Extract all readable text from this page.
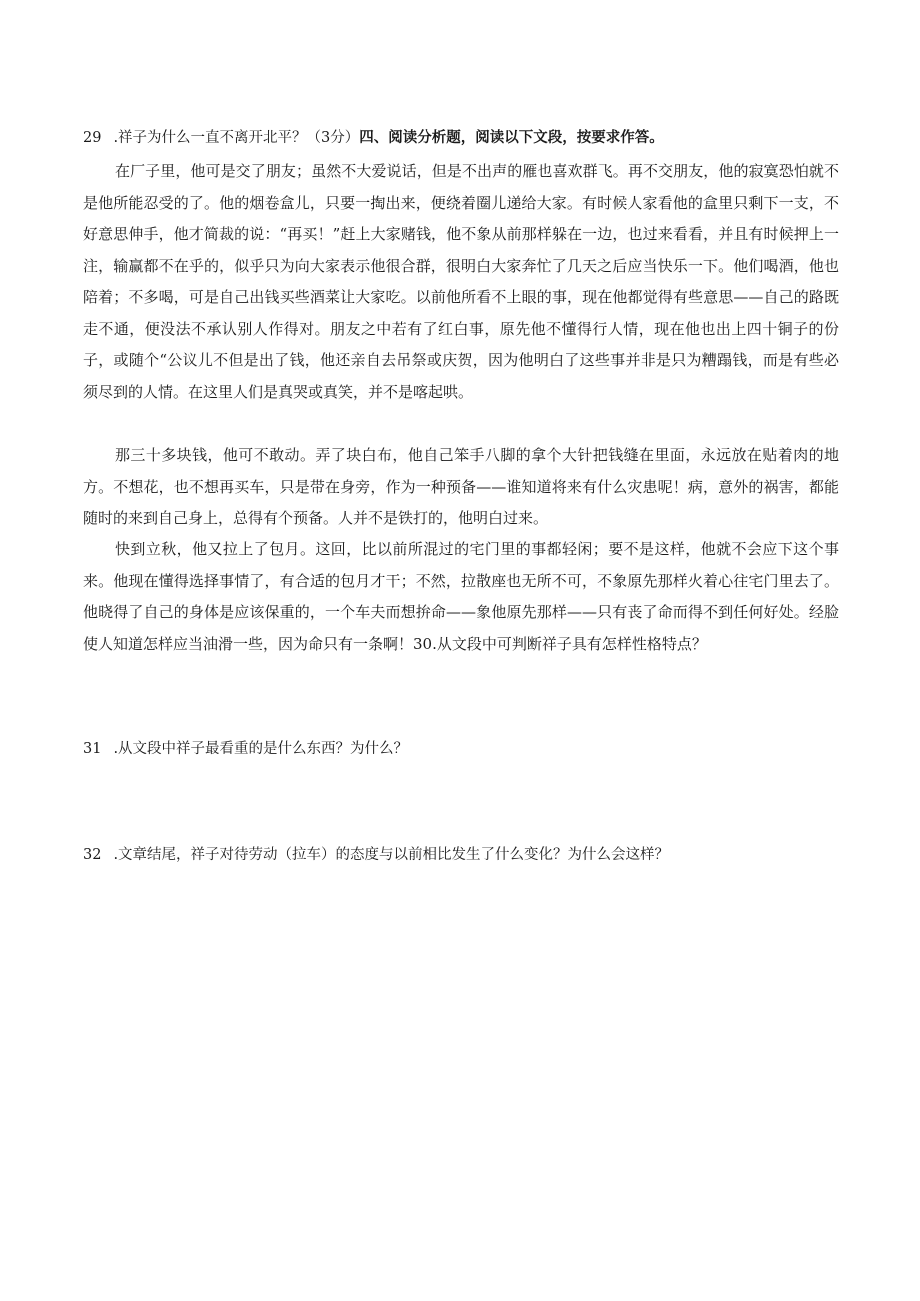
29 .祥子为什么一直不离开北平？（3分）四、阅读分析题，阅读以下文段，按要求作答。

在厂子里，他可是交了朋友；虽然不大爱说话，但是不出声的雁也喜欢群飞。再不交朋友，他的寂寞恐怕就不是他所能忍受的了。他的烟卷盒儿，只要一掏出来，便绕着圈儿递给大家。有时候人家看他的盒里只剩下一支，不好意思伸手，他才简裁的说：“再买！”赶上大家赌钱，他不象从前那样躲在一边，也过来看看，并且有时候押上一注，输赢都不在乎的，似乎只为向大家表示他很合群，很明白大家奔忙了几天之后应当快乐一下。他们喝酒，他也陪着；不多喝，可是自己出钱买些酒菜让大家吃。以前他所看不上眼的事，现在他都觉得有些意思——自己的路既走不通，便没法不承认别人作得对。朋友之中若有了红白事，原先他不懂得行人情，现在他也出上四十铜子的份子，或随个“公议儿不但是出了钱，他还亲自去吊祭或庆贺，因为他明白了这些事并非是只为糟蹋钱，而是有些必须尽到的人情。在这里人们是真哭或真笑，并不是喀起哄。

那三十多块钱，他可不敢动。弄了块白布，他自己笨手八脚的拿个大针把钱缝在里面，永远放在贴着肉的地方。不想花，也不想再买车，只是带在身旁，作为一种预备——谁知道将来有什么灾患呢！病，意外的祸害，都能随时的来到自己身上，总得有个预备。人并不是铁打的，他明白过来。

快到立秋，他又拉上了包月。这回，比以前所混过的宅门里的事都轻闲；要不是这样，他就不会应下这个事来。他现在懂得选择事情了，有合适的包月才干；不然，拉散座也无所不可，不象原先那样火着心往宅门里去了。他晓得了自己的身体是应该保重的，一个车夫而想拚命——象他原先那样——只有丧了命而得不到任何好处。经脸使人知道怎样应当油滑一些，因为命只有一条啊！30.从文段中可判断祥子具有怎样性格特点？

31 .从文段中祥子最看重的是什么东西？为什么？
32 .文章结尾，祥子对待劳动（拉车）的态度与以前相比发生了什么变化？为什么会这样？
